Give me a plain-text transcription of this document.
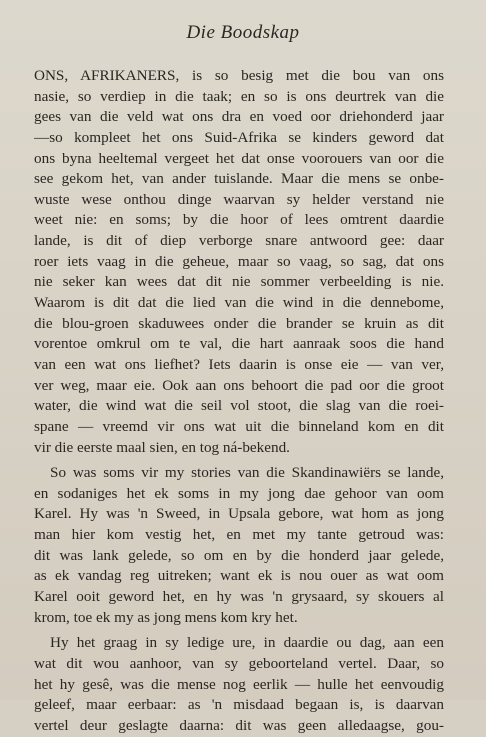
Die Boodskap
ONS, AFRIKANERS, is so besig met die bou van ons
nasie, so verdiep in die taak; en so is ons deurtrek van die
gees van die veld wat ons dra en voed oor driehonderd jaar
—so kompleet het ons Suid-Afrika se kinders geword dat
ons byna heeltemal vergeet het dat onse voorouers van oor die
see gekom het, van ander tuislande. Maar die mens se onbe-
wuste wese onthou dinge waarvan sy helder verstand nie
weet nie: en soms; by die hoor of lees omtrent daardie
lande, is dit of diep verborge snare antwoord gee: daar
roer iets vaag in die geheue, maar so vaag, so sag, dat ons
nie seker kan wees dat dit nie sommer verbeelding is nie.
Waarom is dit dat die lied van die wind in die dennebome,
die blou-groen skaduwees onder die brander se kruin as dit
vorentoe omkrul om te val, die hart aanraak soos die hand
van een wat ons liefhet? Iets daarin is onse eie — van ver,
ver weg, maar eie. Ook aan ons behoort die pad oor die groot
water, die wind wat die seil vol stoot, die slag van die roei-
spane — vreemd vir ons wat uit die binneland kom en dit
vir die eerste maal sien, en tog ná-bekend.
So was soms vir my stories van die Skandinawiërs se lande,
en sodaniges het ek soms in my jong dae gehoor van oom
Karel. Hy was 'n Sweed, in Upsala gebore, wat hom as jong
man hier kom vestig het, en met my tante getroud was:
dit was lank gelede, so om en by die honderd jaar gelede,
as ek vandag reg uitreken; want ek is nou ouer as wat oom
Karel ooit geword het, en hy was 'n grysaard, sy skouers al
krom, toe ek my as jong mens kom kry het.
Hy het graag in sy ledige ure, in daardie ou dag, aan een
wat dit wou aanhoor, van sy geboorteland vertel. Daar, so
het hy gesê, was die mense nog eerlik — hulle het eenvoudig
geleef, maar eerbaar: as 'n misdaad begaan is, is daarvan
vertel deur geslagte daarna: dit was geen alledaagse, gou-
